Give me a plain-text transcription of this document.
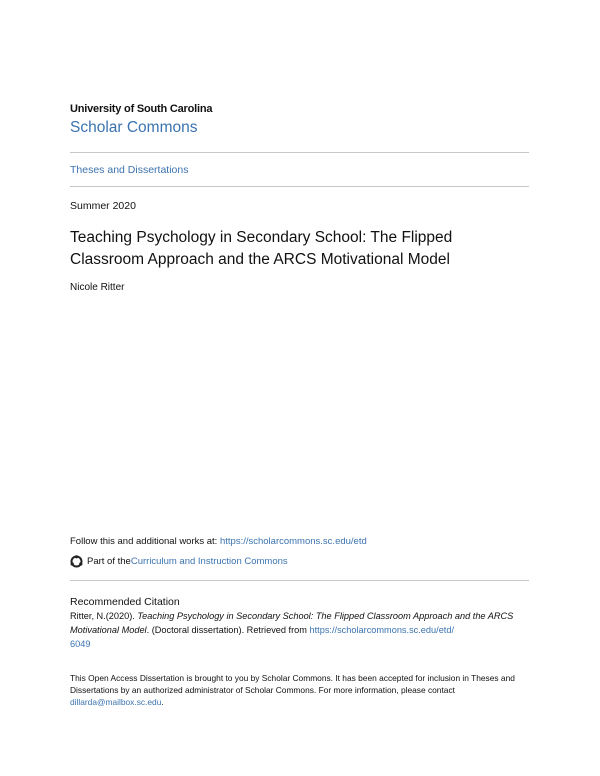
University of South Carolina
Scholar Commons
Theses and Dissertations
Summer 2020
Teaching Psychology in Secondary School: The Flipped
Classroom Approach and the ARCS Motivational Model
Nicole Ritter
Follow this and additional works at: https://scholarcommons.sc.edu/etd
Part of the Curriculum and Instruction Commons
Recommended Citation
Ritter, N.(2020). Teaching Psychology in Secondary School: The Flipped Classroom Approach and the ARCS Motivational Model. (Doctoral dissertation). Retrieved from https://scholarcommons.sc.edu/etd/
6049
This Open Access Dissertation is brought to you by Scholar Commons. It has been accepted for inclusion in Theses and Dissertations by an authorized administrator of Scholar Commons. For more information, please contact dillarda@mailbox.sc.edu.
